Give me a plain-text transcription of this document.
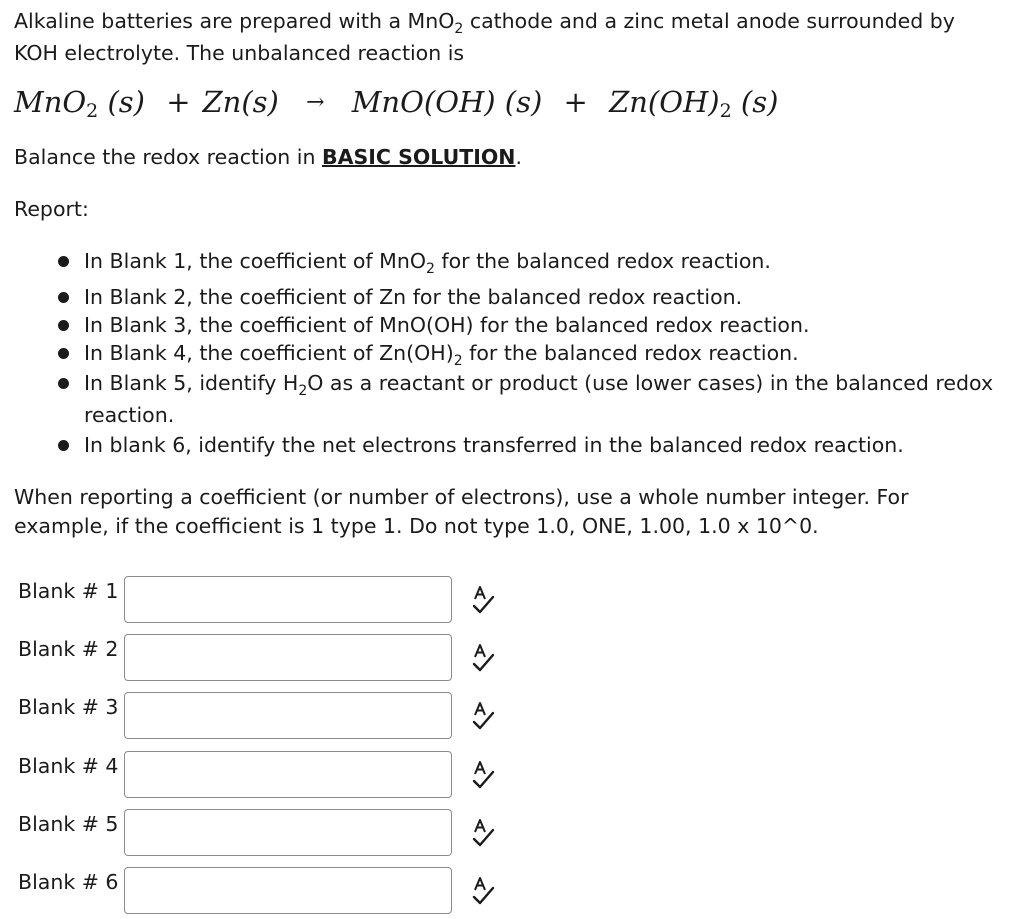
Alkaline batteries are prepared with a MnO$_2$ cathode and a zinc metal anode surrounded by
KOH electrolyte. The unbalanced reaction is
MnO$_2$ (s) + Zn(s) → MnO(OH) $(s) + Zn(OH)_2$ (s)
Balance the redox reaction in BASIC SOLUTION.
Report:
In Blank 1, the coefficient of MnO$_2$ for the balanced redox reaction.
In Blank 2, the coefficient of Zn for the balanced redox reaction.
In Blank 3, the coefficient of MnO(OH) for the balanced redox reaction.
In Blank 4, the coefficient of $Zn(OH)_2$ for the balanced redox reaction.
In Blank 5, identify $H_2O$ as a reactant or product (use lower cases) in the balanced redox reaction.
In blank 6, identify the net electrons transferred in the balanced redox reaction.
When reporting a coefficient (or number of electrons), use a whole number integer. For
example, if the coefficient is 1 type 1. Do not type 1.0, ONE, 1.00, 1.0 x 10^0.
Blank # 1
Blank # 2
Blank # 3
Blank # 4
Blank # 5
Blank # 6
